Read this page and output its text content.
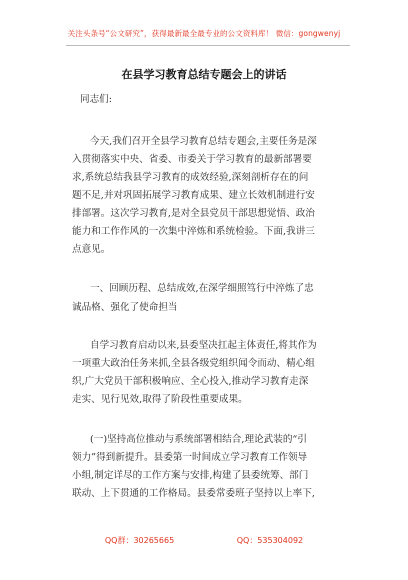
关注头条号“公文研究”，获得最新最全最专业的公文资料库！ 微信：gongwenyj
在县学习教育总结专题会上的讲话
同志们:
今天,我们召开全县学习教育总结专题会,主要任务是深
入贯彻落实中央、省委、市委关于学习教育的最新部署要
求,系统总结我县学习教育的成效经验,深刻剖析存在的问
题不足,并对巩固拓展学习教育成果、建立长效机制进行安
排部署。这次学习教育,是对全县党员干部思想觉悟、政治
能力和工作作风的一次集中淬炼和系统检验。下面,我讲三
点意见。
一、回顾历程、总结成效,在深学细照笃行中淬炼了忠
诚品格、强化了使命担当
自学习教育启动以来,县委坚决扛起主体责任,将其作为
一项重大政治任务来抓,全县各级党组织闻令而动、精心组
织,广大党员干部积极响应、全心投入,推动学习教育走深
走实、见行见效,取得了阶段性重要成果。
(一)坚持高位推动与系统部署相结合,理论武装的“引
领力”得到新提升。县委第一时间成立学习教育工作领导
小组,制定详尽的工作方案与安排,构建了县委统筹、部门
联动、上下贯通的工作格局。县委常委班子坚持以上率下,
QQ群：30265665	QQ：535304092
